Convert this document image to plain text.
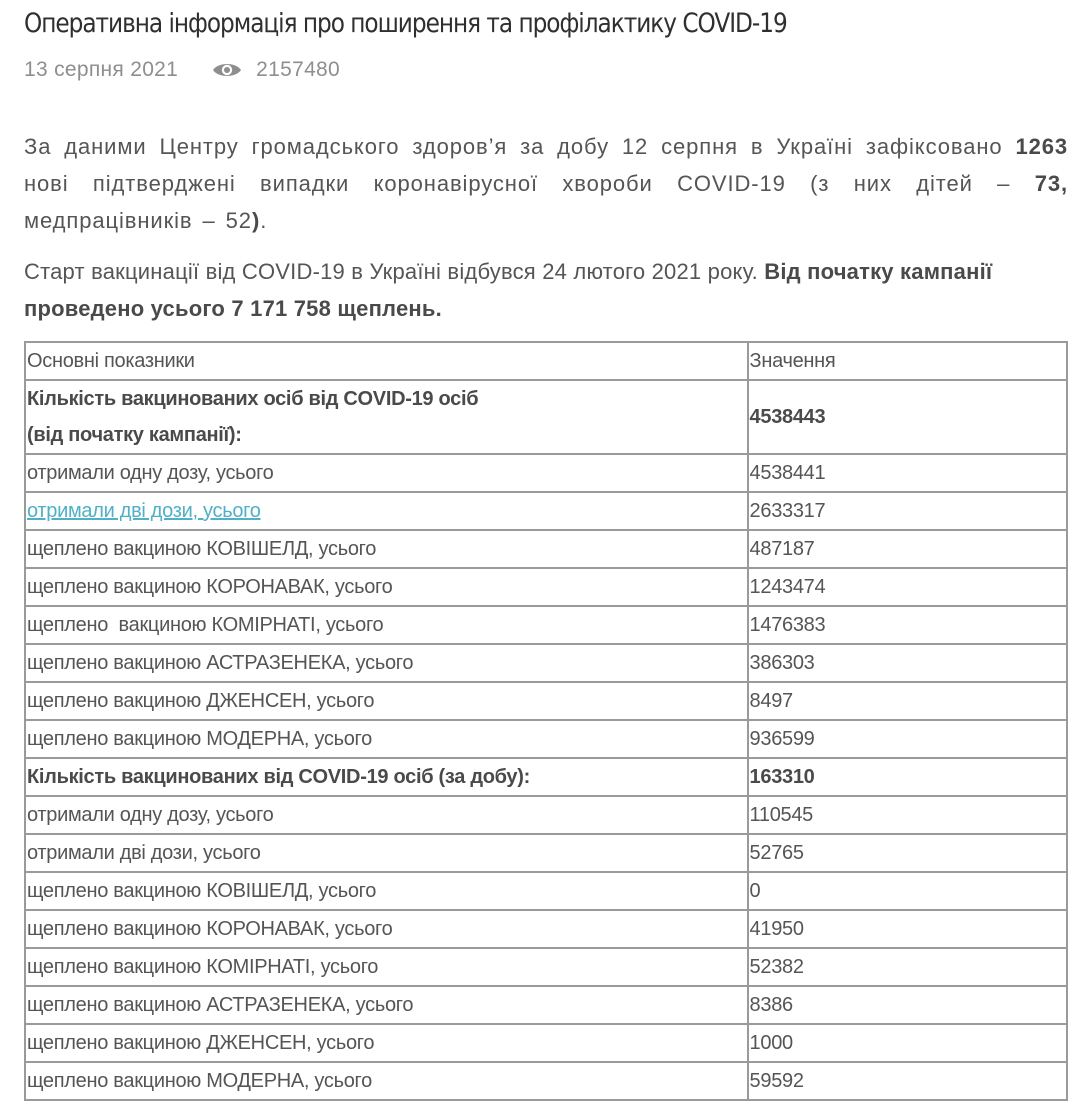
Оперативна інформація про поширення та профілактику COVID-19
13 серпня 2021	2157480

За даними Центру громадського здоров’я за добу 12 серпня в Україні зафіксовано 1263 нові підтверджені випадки коронавірусної хвороби COVID-19 (з них дітей – 73, медпрацівників – 52).

Старт вакцинації від COVID-19 в Україні відбувся 24 лютого 2021 року. Від початку кампанії проведено усього 7 171 758 щеплень.

Основні показники	Значення

Кількість вакцинованих осіб від COVID-19 осіб
(від початку кампанії):	4538443
отримали одну дозу, усього	4538441
отримали дві дози, усього	2633317
щеплено вакциною КОВІШЕЛД, усього	487187
щеплено вакциною КОРОНАВАК, усього	1243474
щеплено  вакциною КОМІРНАТІ, усього	1476383
щеплено вакциною АСТРАЗЕНЕКА, усього	386303
щеплено вакциною ДЖЕНСЕН, усього	8497
щеплено вакциною МОДЕРНА, усього	936599
Кількість вакцинованих від COVID-19 осіб (за добу):	163310
отримали одну дозу, усього	110545
отримали дві дози, усього	52765
щеплено вакциною КОВІШЕЛД, усього	0
щеплено вакциною КОРОНАВАК, усього	41950
щеплено вакциною КОМІРНАТІ, усього	52382
щеплено вакциною АСТРАЗЕНЕКА, усього	8386
щеплено вакциною ДЖЕНСЕН, усього	1000
щеплено вакциною МОДЕРНА, усього	59592
